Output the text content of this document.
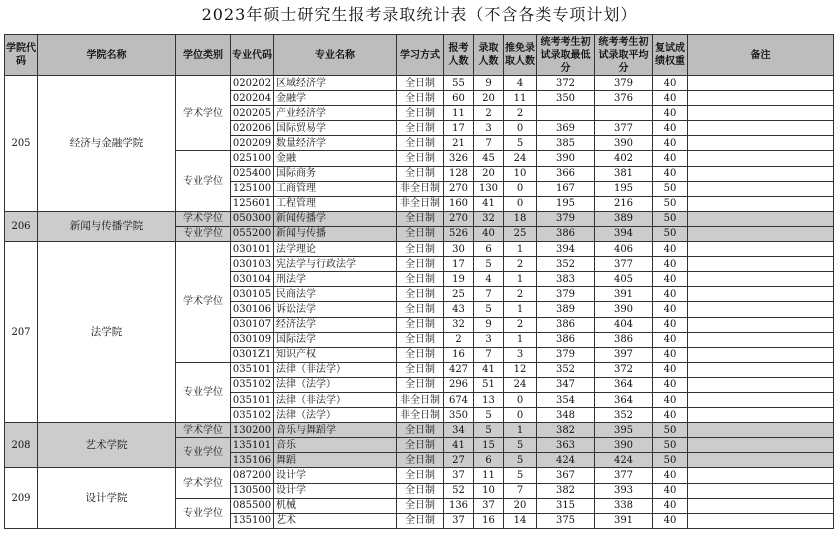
2023年硕士研究生报考录取统计表（不含各类专项计划）
学院代码	学院名称	学位类别	专业代码	专业名称	学习方式	报考人数	录取人数	推免录取人数	统考考生初试录取最低分	统考考生初试录取平均分	复试成绩权重	备注
205	经济与金融学院	学术学位	020202	区域经济学	全日制	55	9	4	372	379	40	
			020204	金融学	全日制	60	20	11	350	376	40	
			020205	产业经济学	全日制	11	2	2			40	
			020206	国际贸易学	全日制	17	3	0	369	377	40	
			020209	数量经济学	全日制	21	7	5	385	390	40	
		专业学位	025100	金融	全日制	326	45	24	390	402	40	
			025400	国际商务	全日制	128	20	10	366	381	40	
			125100	工商管理	非全日制	270	130	0	167	195	50	
			125601	工程管理	非全日制	160	41	0	195	216	50	
206	新闻与传播学院	学术学位	050300	新闻传播学	全日制	270	32	18	379	389	50	
		专业学位	055200	新闻与传播	全日制	526	40	25	386	394	50	
207	法学院	学术学位	030101	法学理论	全日制	30	6	1	394	406	40	
			030103	宪法学与行政法学	全日制	17	5	2	352	377	40	
			030104	刑法学	全日制	19	4	1	383	405	40	
			030105	民商法学	全日制	25	7	2	379	391	40	
			030106	诉讼法学	全日制	43	5	1	389	390	40	
			030107	经济法学	全日制	32	9	2	386	404	40	
			030109	国际法学	全日制	2	3	1	386	386	40	
			0301Z1	知识产权	全日制	16	7	3	379	397	40	
		专业学位	035101	法律（非法学）	全日制	427	41	12	352	372	40	
			035102	法律（法学）	全日制	296	51	24	347	364	40	
			035101	法律（非法学）	非全日制	674	13	0	354	364	40	
			035102	法律（法学）	非全日制	350	5	0	348	352	40	
208	艺术学院	学术学位	130200	音乐与舞蹈学	全日制	34	5	1	382	395	50	
		专业学位	135101	音乐	全日制	41	15	5	363	390	50	
			135106	舞蹈	全日制	27	6	5	424	424	50	
209	设计学院	学术学位	087200	设计学	全日制	37	11	5	367	377	40	
			130500	设计学	全日制	52	10	7	382	393	40	
		专业学位	085500	机械	全日制	136	37	20	315	338	40	
			135100	艺术	全日制	37	16	14	375	391	40	
